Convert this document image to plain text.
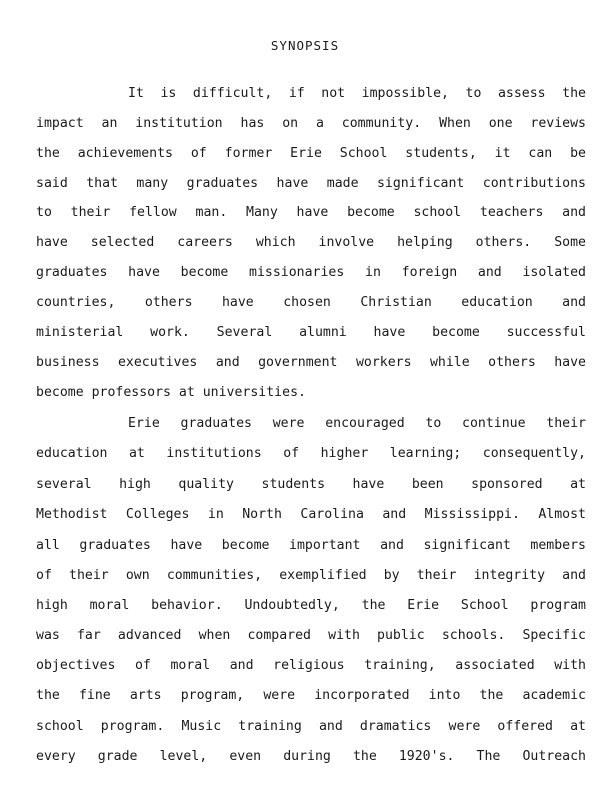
SYNOPSIS
It is difficult, if not impossible, to assess the
impact an institution has on a community. When one reviews
the achievements of former Erie School students, it can be
said that many graduates have made significant contributions
to their fellow man. Many have become school teachers and
have selected careers which involve helping others. Some
graduates have become missionaries in foreign and isolated
countries, others have chosen Christian education and
ministerial work. Several alumni have become successful
business executives and government workers while others have
become professors at universities.
Erie graduates were encouraged to continue their
education at institutions of higher learning; consequently,
several high quality students have been sponsored at
Methodist Colleges in North Carolina and Mississippi. Almost
all graduates have become important and significant members
of their own communities, exemplified by their integrity and
high moral behavior. Undoubtedly, the Erie School program
was far advanced when compared with public schools. Specific
objectives of moral and religious training, associated with
the fine arts program, were incorporated into the academic
school program. Music training and dramatics were offered at
every grade level, even during the 1920's. The Outreach
